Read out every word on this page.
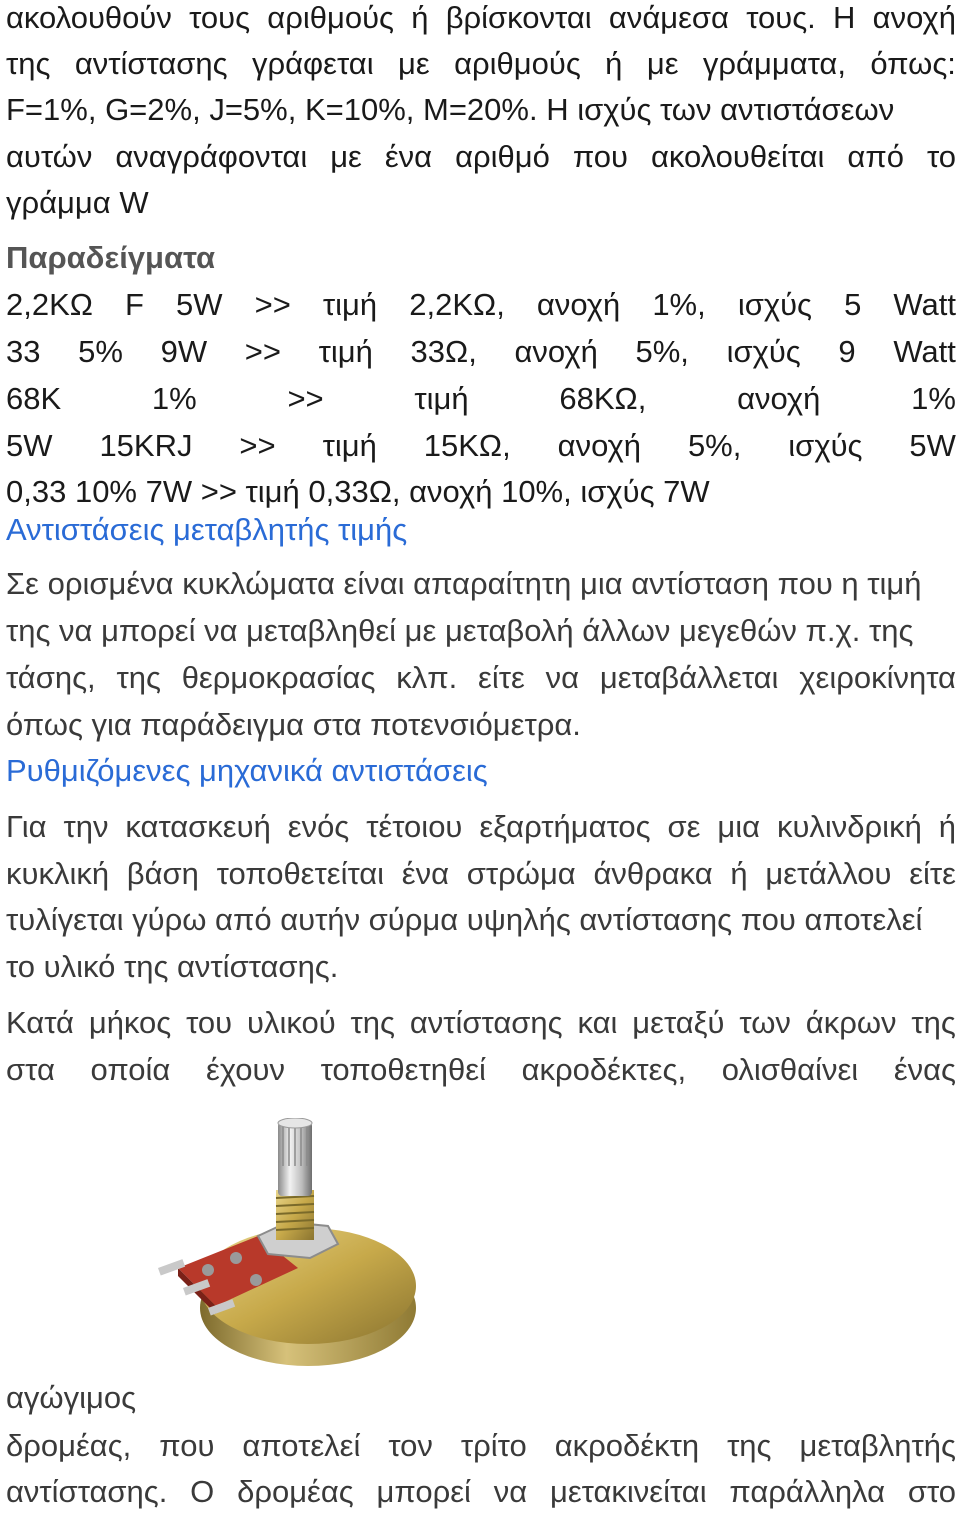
ακολουθούν τους αριθμούς ή βρίσκονται ανάμεσα τους. Η ανοχή
της αντίστασης γράφεται με αριθμούς ή με γράμματα, όπως:
F=1%, G=2%, J=5%, K=10%, M=20%. Η ισχύς των αντιστάσεων
αυτών αναγράφονται με ένα αριθμό που ακολουθείται από το
γράμμα W
Παραδείγματα
2,2ΚΩ F 5W >> τιμή 2,2ΚΩ, ανοχή 1%, ισχύς 5 Watt
33 5% 9W >> τιμή 33Ω, ανοχή 5%, ισχύς 9 Watt
68K	1%	>>	τιμή	68ΚΩ,	ανοχή	1%
5W 15KRJ >> τιμή 15ΚΩ, ανοχή 5%, ισχύς 5W
0,33 10% 7W >> τιμή 0,33Ω, ανοχή 10%, ισχύς 7W
Αντιστάσεις μεταβλητής τιμής
Σε ορισμένα κυκλώματα είναι απαραίτητη μια αντίσταση που η τιμή
της να μπορεί να μεταβληθεί με μεταβολή άλλων μεγεθών π.χ. της
τάσης, της θερμοκρασίας κλπ. είτε να μεταβάλλεται χειροκίνητα
όπως για παράδειγμα στα ποτενσιόμετρα.
Ρυθμιζόμενες μηχανικά αντιστάσεις
Για την κατασκευή ενός τέτοιου εξαρτήματος σε μια κυλινδρική ή
κυκλική βάση τοποθετείται ένα στρώμα άνθρακα ή μετάλλου είτε
τυλίγεται γύρω από αυτήν σύρμα υψηλής αντίστασης που αποτελεί
το υλικό της αντίστασης.
Κατά μήκος του υλικού της αντίστασης και μεταξύ των άκρων της
στα οποία έχουν τοποθετηθεί ακροδέκτες, ολισθαίνει ένας
αγώγιμος
δρομέας, που αποτελεί τον τρίτο ακροδέκτη της μεταβλητής
αντίστασης. Ο δρομέας μπορεί να μετακινείται παράλληλα στο
